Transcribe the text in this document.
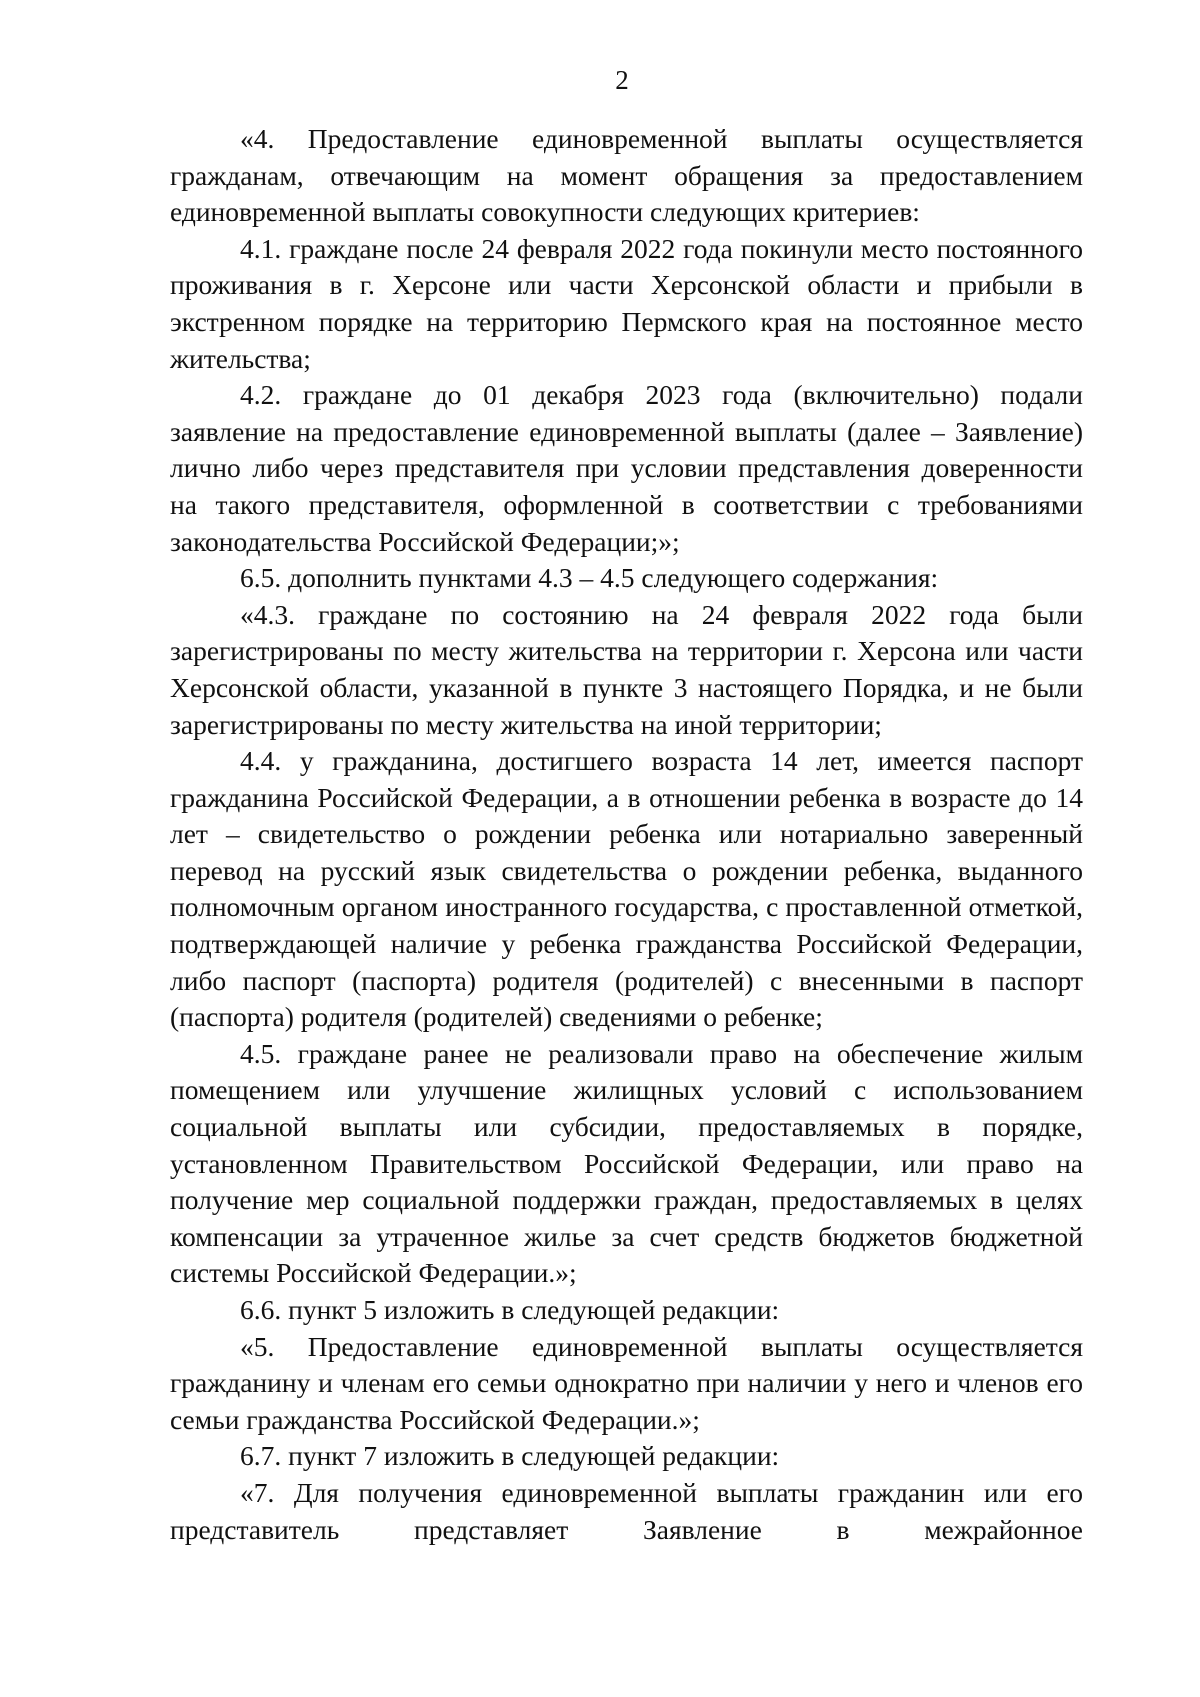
2

«4. Предоставление единовременной выплаты осуществляется гражданам, отвечающим на момент обращения за предоставлением единовременной выплаты совокупности следующих критериев:

4.1. граждане после 24 февраля 2022 года покинули место постоянного проживания в г. Херсоне или части Херсонской области и прибыли в экстренном порядке на территорию Пермского края на постоянное место жительства;

4.2. граждане до 01 декабря 2023 года (включительно) подали заявление на предоставление единовременной выплаты (далее – Заявление) лично либо через представителя при условии представления доверенности на такого представителя, оформленной в соответствии с требованиями законодательства Российской Федерации;»;

6.5. дополнить пунктами 4.3 – 4.5 следующего содержания:

«4.3. граждане по состоянию на 24 февраля 2022 года были зарегистрированы по месту жительства на территории г. Херсона или части Херсонской области, указанной в пункте 3 настоящего Порядка, и не были зарегистрированы по месту жительства на иной территории;

4.4. у гражданина, достигшего возраста 14 лет, имеется паспорт гражданина Российской Федерации, а в отношении ребенка в возрасте до 14 лет – свидетельство о рождении ребенка или нотариально заверенный перевод на русский язык свидетельства о рождении ребенка, выданного полномочным органом иностранного государства, с проставленной отметкой, подтверждающей наличие у ребенка гражданства Российской Федерации, либо паспорт (паспорта) родителя (родителей) с внесенными в паспорт (паспорта) родителя (родителей) сведениями о ребенке;

4.5. граждане ранее не реализовали право на обеспечение жилым помещением или улучшение жилищных условий с использованием социальной выплаты или субсидии, предоставляемых в порядке, установленном Правительством Российской Федерации, или право на получение мер социальной поддержки граждан, предоставляемых в целях компенсации за утраченное жилье за счет средств бюджетов бюджетной системы Российской Федерации.»;

6.6. пункт 5 изложить в следующей редакции:

«5. Предоставление единовременной выплаты осуществляется гражданину и членам его семьи однократно при наличии у него и членов его семьи гражданства Российской Федерации.»;

6.7. пункт 7 изложить в следующей редакции:

«7. Для получения единовременной выплаты гражданин или его представитель представляет Заявление в межрайонное
